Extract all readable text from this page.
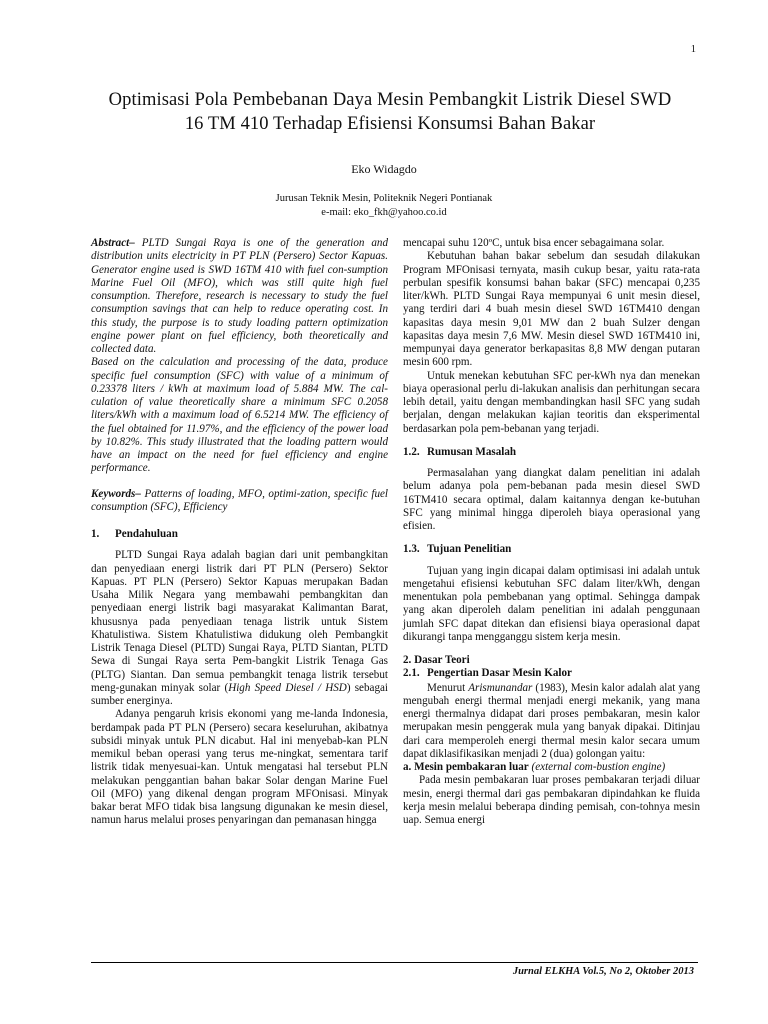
1
Optimisasi Pola Pembebanan Daya Mesin Pembangkit Listrik Diesel SWD
16 TM 410 Terhadap Efisiensi Konsumsi Bahan Bakar
Eko Widagdo
Jurusan Teknik Mesin, Politeknik Negeri Pontianak
e-mail: eko_fkh@yahoo.co.id

Abstract– PLTD Sungai Raya is one of the generation and distribution units electricity in PT PLN (Persero) Sector Kapuas. Generator engine used is SWD 16TM 410 with fuel con-sumption Marine Fuel Oil (MFO), which was still quite high fuel consumption. Therefore, research is necessary to study the fuel consumption savings that can help to reduce operating cost. In this study, the purpose is to study loading pattern optimization engine power plant on fuel efficiency, both theoretically and collected data.

Based on the calculation and processing of the data, produce specific fuel consumption (SFC) with value of a minimum of 0.23378 liters / kWh at maximum load of 5.884 MW. The cal-culation of value theoretically share a minimum SFC 0.2058 liters/kWh with a maximum load of 6.5214 MW. The efficiency of the fuel obtained for 11.97%, and the efficiency of the power load by 10.82%. This study illustrated that the loading pattern would have an impact on the need for fuel efficiency and engine performance.

Keywords– Patterns of loading, MFO, optimi-zation, specific fuel consumption (SFC), Efficiency

1. Pendahuluan

PLTD Sungai Raya adalah bagian dari unit pembangkitan dan penyediaan energi listrik dari PT PLN (Persero) Sektor Kapuas. PT PLN (Persero) Sektor Kapuas merupakan Badan Usaha Milik Negara yang membawahi pembangkitan dan penyediaan energi listrik bagi masyarakat Kalimantan Barat, khususnya pada penyediaan tenaga listrik untuk Sistem Khatulistiwa. Sistem Khatulistiwa didukung oleh Pembangkit Listrik Tenaga Diesel (PLTD) Sungai Raya, PLTD Siantan, PLTD Sewa di Sungai Raya serta Pem-bangkit Listrik Tenaga Gas (PLTG) Siantan. Dan semua pembangkit tenaga listrik tersebut meng-gunakan minyak solar (High Speed Diesel / HSD) sebagai sumber energinya.

Adanya pengaruh krisis ekonomi yang me-landa Indonesia, berdampak pada PT PLN (Persero) secara keseluruhan, akibatnya subsidi minyak untuk PLN dicabut. Hal ini menyebab-kan PLN memikul beban operasi yang terus me-ningkat, sementara tarif listrik tidak menyesuai-kan. Untuk mengatasi hal tersebut PLN melakukan penggantian bahan bakar Solar dengan Marine Fuel Oil (MFO) yang dikenal dengan program MFOnisasi. Minyak bakar berat MFO tidak bisa langsung digunakan ke mesin diesel, namun harus melalui proses penyaringan dan pemanasan hingga

mencapai suhu 120ºC, untuk bisa encer sebagaimana solar.

Kebutuhan bahan bakar sebelum dan sesudah dilakukan Program MFOnisasi ternyata, masih cukup besar, yaitu rata-rata perbulan spesifik konsumsi bahan bakar (SFC) mencapai 0,235 liter/kWh. PLTD Sungai Raya mempunyai 6 unit mesin diesel, yang terdiri dari 4 buah mesin diesel SWD 16TM410 dengan kapasitas daya mesin 9,01 MW dan 2 buah Sulzer dengan kapasitas daya mesin 7,6 MW. Mesin diesel SWD 16TM410 ini, mempunyai daya generator berkapasitas 8,8 MW dengan putaran mesin 600 rpm.

Untuk menekan kebutuhan SFC per-kWh nya dan menekan biaya operasional perlu di-lakukan analisis dan perhitungan secara lebih detail, yaitu dengan membandingkan hasil SFC yang sudah berjalan, dengan melakukan kajian teoritis dan eksperimental berdasarkan pola pem-bebanan yang terjadi.

1.2. Rumusan Masalah

Permasalahan yang diangkat dalam penelitian ini adalah belum adanya pola pem-bebanan pada mesin diesel SWD 16TM410 secara optimal, dalam kaitannya dengan ke-butuhan SFC yang minimal hingga diperoleh biaya operasional yang efisien.

1.3. Tujuan Penelitian

Tujuan yang ingin dicapai dalam optimisasi ini adalah untuk mengetahui efisiensi kebutuhan SFC dalam liter/kWh, dengan menentukan pola pembebanan yang optimal. Sehingga dampak yang akan diperoleh dalam penelitian ini adalah penggunaan jumlah SFC dapat ditekan dan efisiensi biaya operasional dapat dikurangi tanpa mengganggu sistem kerja mesin.

2. Dasar Teori
2.1. Pengertian Dasar Mesin Kalor

Menurut Arismunandar (1983), Mesin kalor adalah alat yang mengubah energi thermal menjadi energi mekanik, yang mana energi thermalnya didapat dari proses pembakaran, mesin kalor merupakan mesin penggerak mula yang banyak dipakai. Ditinjau dari cara memperoleh energi thermal mesin kalor secara umum dapat diklasifikasikan menjadi 2 (dua) golongan yaitu:

a. Mesin pembakaran luar (external com-bustion engine)

Pada mesin pembakaran luar proses pembakaran terjadi diluar mesin, energi thermal dari gas pembakaran dipindahkan ke fluida kerja mesin melalui beberapa dinding pemisah, con-tohnya mesin uap. Semua energi

Jurnal ELKHA Vol.5, No 2, Oktober 2013
